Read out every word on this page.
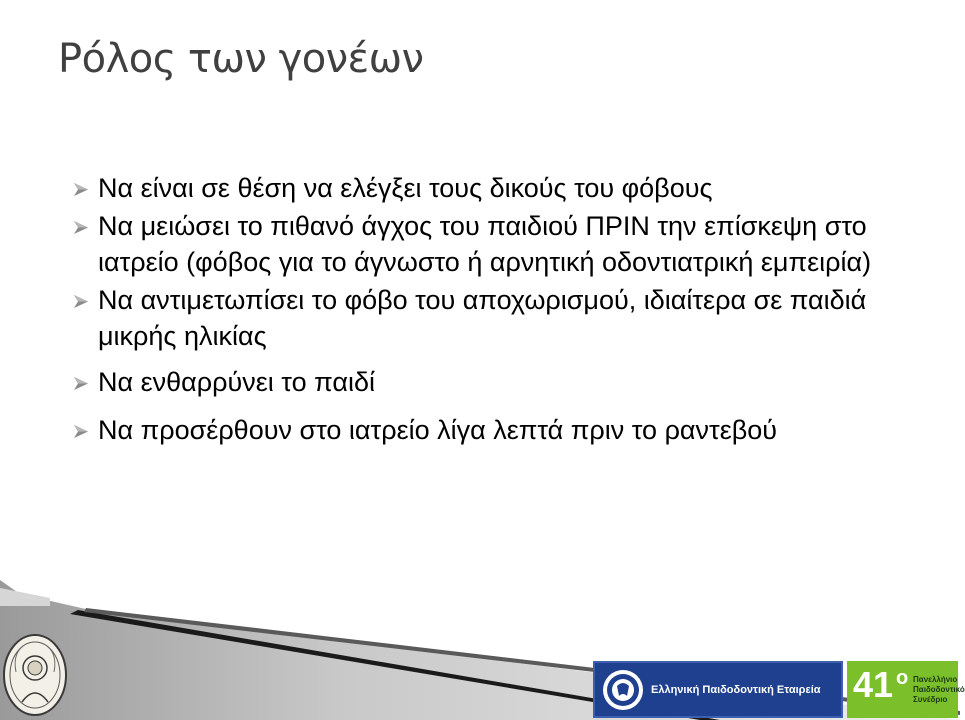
Ρόλος των γονέων
Να είναι σε θέση να ελέγξει τους δικούς του φόβους
Να μειώσει το πιθανό άγχος του παιδιού ΠΡΙΝ την επίσκεψη στο ιατρείο (φόβος για το άγνωστο ή αρνητική οδοντιατρική εμπειρία)
Να αντιμετωπίσει το φόβο του αποχωρισμού, ιδιαίτερα σε παιδιά μικρής ηλικίας
Να ενθαρρύνει το παιδί
Να προσέρθουν στο ιατρείο λίγα λεπτά πριν το ραντεβού
Ελληνική Παιδοδοντική Εταιρεία 41 ο Πανελλήνιο
Παιδοδοντικό
Συνέδριο
